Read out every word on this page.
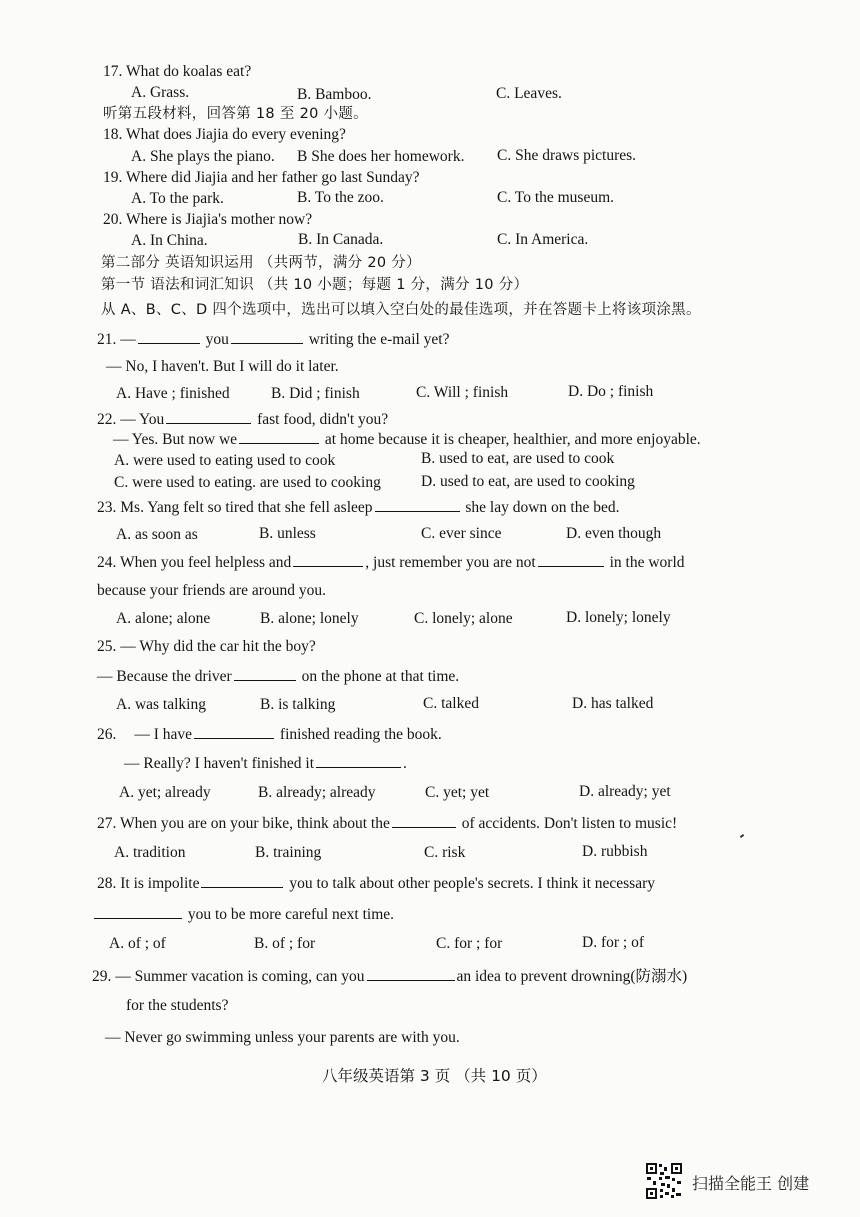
17. What do koalas eat?
A. Grass.	B. Bamboo.	C. Leaves.
听第五段材料，回答第 18 至 20 小题。
18. What does Jiajia do every evening?
A. She plays the piano. B She does her homework. C. She draws pictures.
19. Where did Jiajia and her father go last Sunday?
A. To the park.	B. To the zoo.	C. To the museum.
20. Where is Jiajia's mother now?
A. In China.	B. In Canada.	C. In America.
第二部分 英语知识运用 （共两节，满分 20 分）
第一节 语法和词汇知识 （共 10 小题；每题 1 分，满分 10 分）
从 A、B、C、D 四个选项中，选出可以填入空白处的最佳选项，并在答题卡上将该项涂黑。
21. —	you	writing the e-mail yet?
— No, I haven't. But I will do it later.
A. Have ; finished	B. Did ; finish	C. Will ; finish	D. Do ; finish
22. — You	fast food, didn't you?
— Yes. But now we	at home because it is cheaper, healthier, and more enjoyable.
A. were used to eating used to cook	B. used to eat, are used to cook
C. were used to eating. are used to cooking	D. used to eat, are used to cooking
23. Ms. Yang felt so tired that she fell asleep	she lay down on the bed.
A. as soon as	B. unless	C. ever since	D. even though
24. When you feel helpless and	, just remember you are not	in the world
because your friends are around you.
A. alone; alone	B. alone; lonely	C. lonely; alone	D. lonely; lonely
25. — Why did the car hit the boy?
— Because the driver	on the phone at that time.
A. was talking	B. is talking	C. talked	D. has talked
26. — I have	finished reading the book.
— Really? I haven't finished it	.
A. yet; already	B. already; already	C. yet; yet	D. already; yet
27. When you are on your bike, think about the	of accidents. Don't listen to music!
A. tradition	B. training	C. risk	D. rubbish
28. It is impolite	you to talk about other people's secrets. I think it necessary
you to be more careful next time.
A. of ; of	B. of ; for	C. for ; for	D. for ; of
29. — Summer vacation is coming, can you	an idea to prevent drowning(防溺水)
for the students?
— Never go swimming unless your parents are with you.
八年级英语第 3 页 （共 10 页）
扫描全能王 创建
